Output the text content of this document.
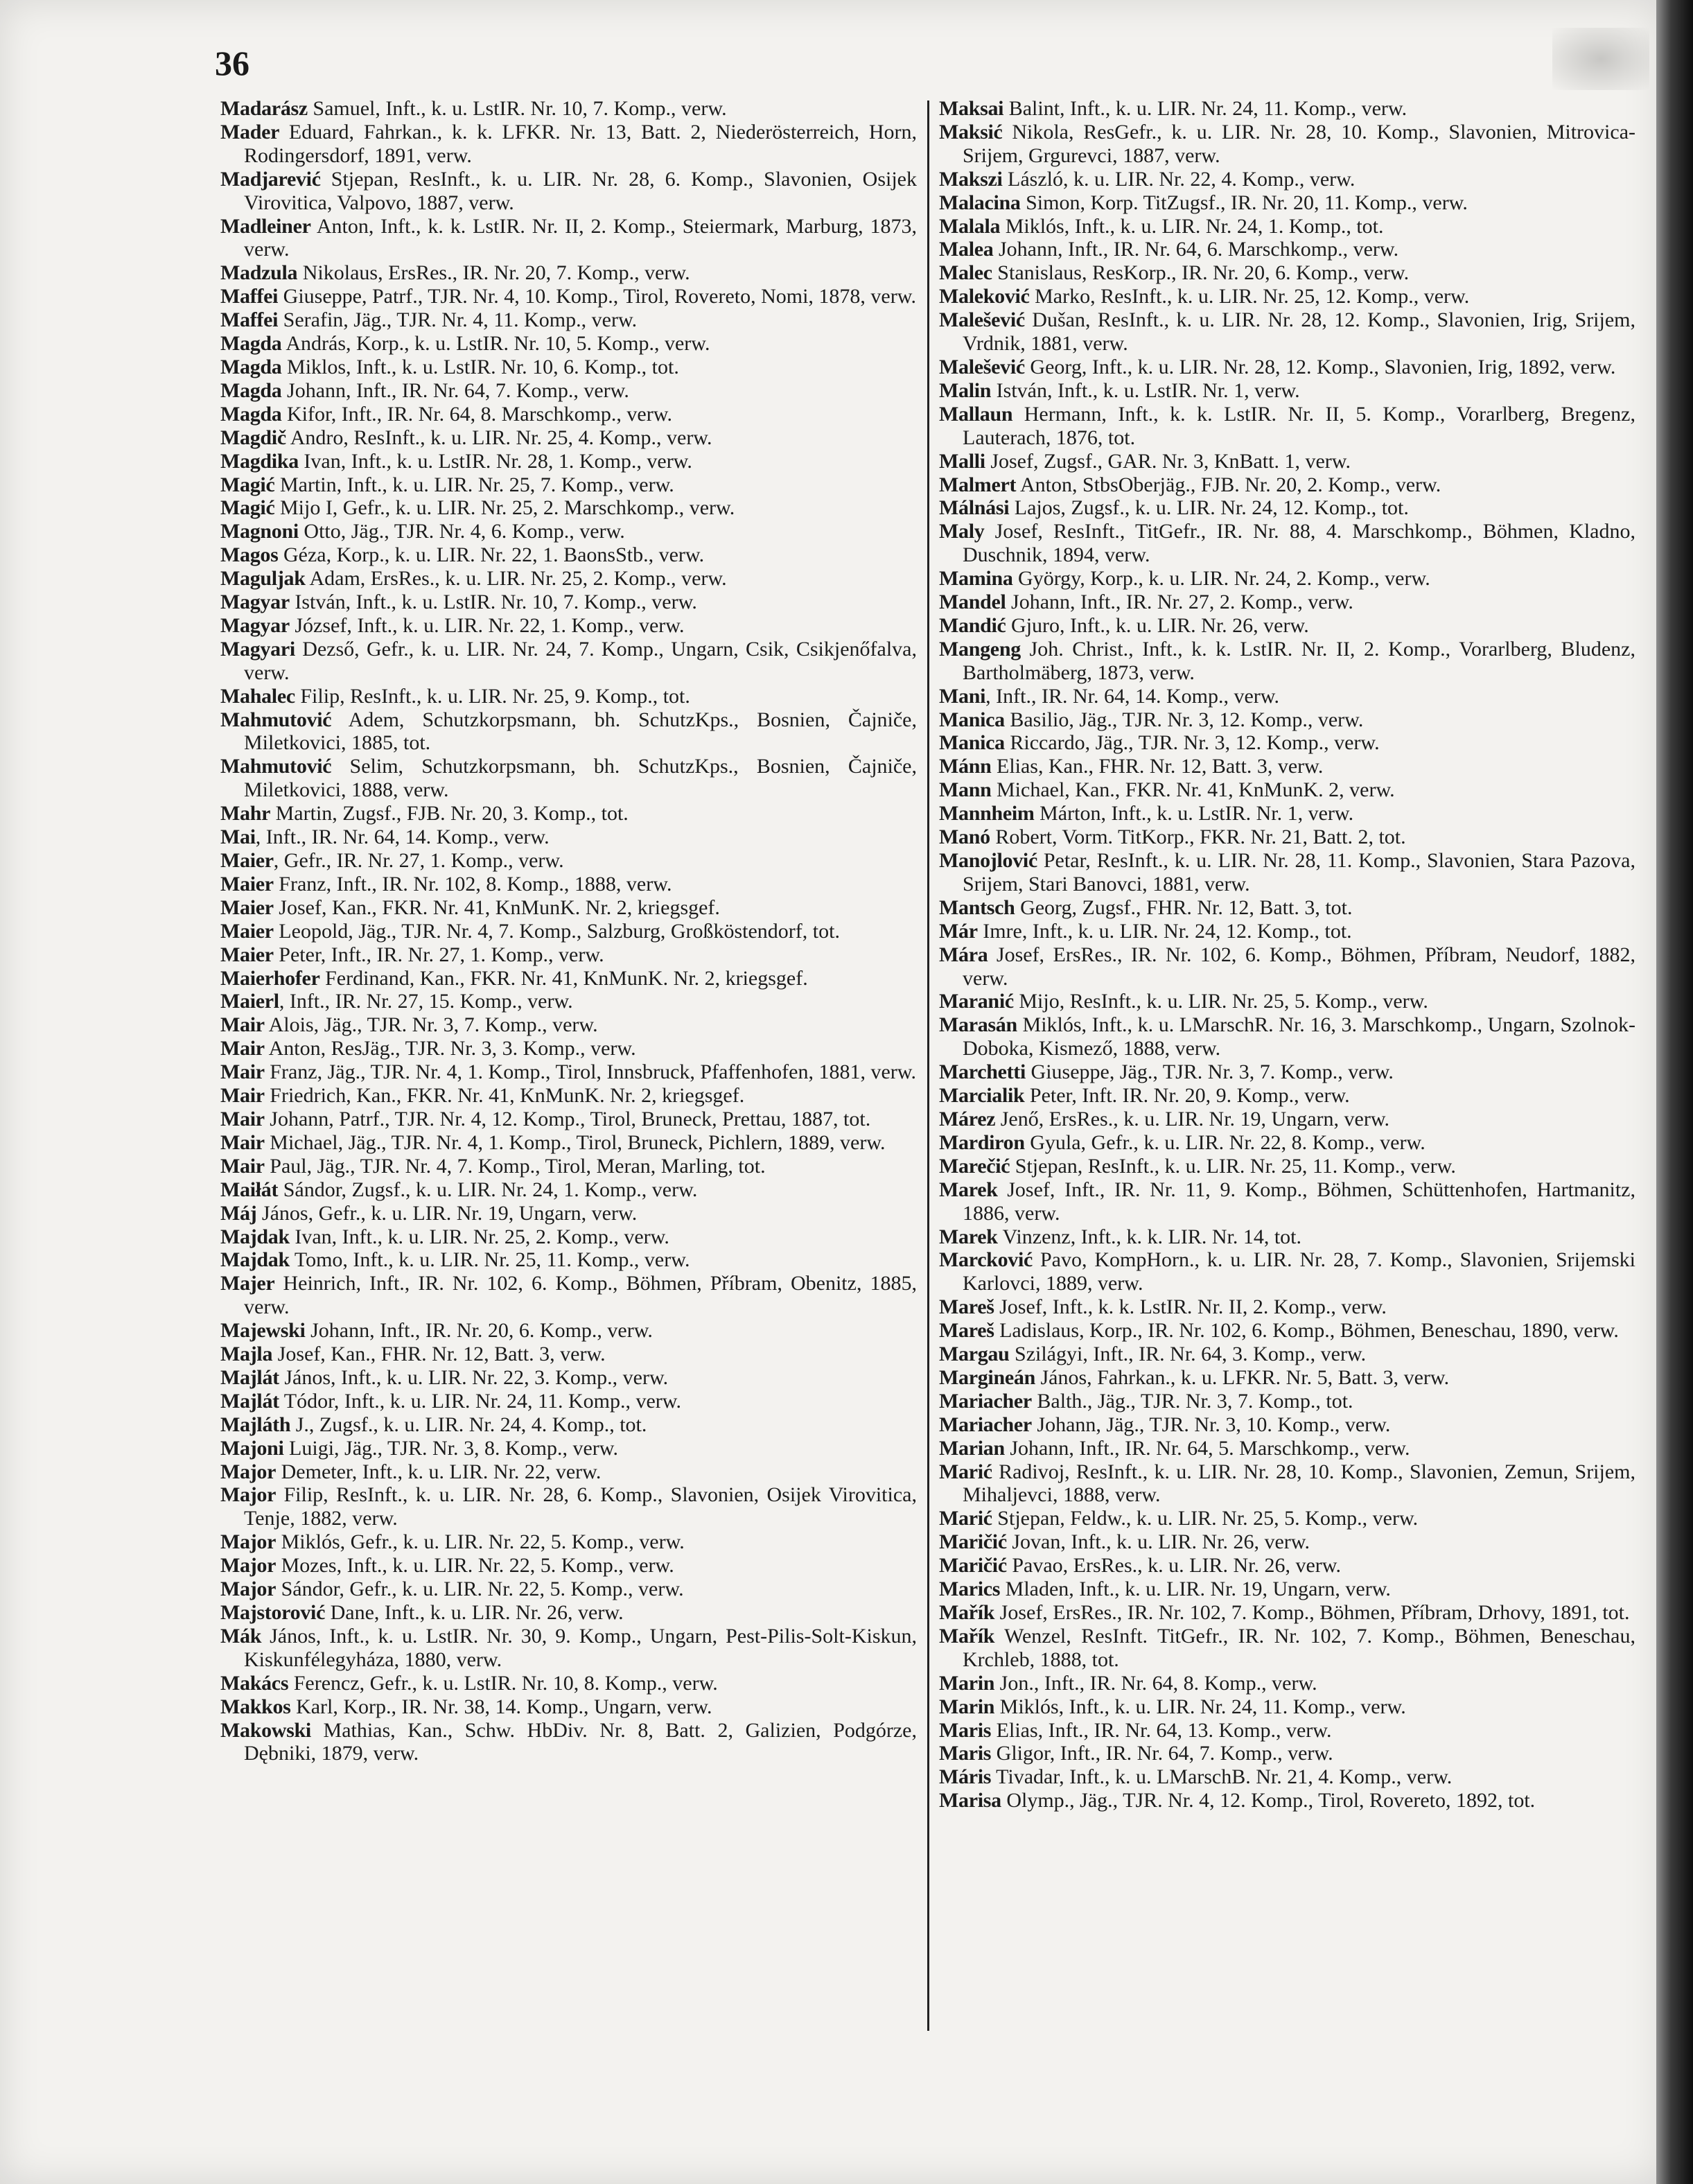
36
Madarász Samuel, Inft., k. u. LstIR. Nr. 10, 7. Komp., verw.
Mader Eduard, Fahrkan., k. k. LFKR. Nr. 13, Batt. 2, Niederösterreich, Horn, Rodingersdorf, 1891, verw.
Madjarević Stjepan, ResInft., k. u. LIR. Nr. 28, 6. Komp., Slavonien, Osijek Virovitica, Valpovo, 1887, verw.
Madleiner Anton, Inft., k. k. LstIR. Nr. II, 2. Komp., Steiermark, Marburg, 1873, verw.
Madzula Nikolaus, ErsRes., IR. Nr. 20, 7. Komp., verw.
Maffei Giuseppe, Patrf., TJR. Nr. 4, 10. Komp., Tirol, Rovereto, Nomi, 1878, verw.
Maffei Serafin, Jäg., TJR. Nr. 4, 11. Komp., verw.
Magda András, Korp., k. u. LstIR. Nr. 10, 5. Komp., verw.
Magda Miklos, Inft., k. u. LstIR. Nr. 10, 6. Komp., tot.
Magda Johann, Inft., IR. Nr. 64, 7. Komp., verw.
Magda Kifor, Inft., IR. Nr. 64, 8. Marschkomp., verw.
Magdič Andro, ResInft., k. u. LIR. Nr. 25, 4. Komp., verw.
Magdika Ivan, Inft., k. u. LstIR. Nr. 28, 1. Komp., verw.
Magić Martin, Inft., k. u. LIR. Nr. 25, 7. Komp., verw.
Magić Mijo I, Gefr., k. u. LIR. Nr. 25, 2. Marschkomp., verw.
Magnoni Otto, Jäg., TJR. Nr. 4, 6. Komp., verw.
Magos Géza, Korp., k. u. LIR. Nr. 22, 1. BaonsStb., verw.
Maguljak Adam, ErsRes., k. u. LIR. Nr. 25, 2. Komp., verw.
Magyar István, Inft., k. u. LstIR. Nr. 10, 7. Komp., verw.
Magyar József, Inft., k. u. LIR. Nr. 22, 1. Komp., verw.
Magyari Dezső, Gefr., k. u. LIR. Nr. 24, 7. Komp., Ungarn, Csik, Csikjenőfalva, verw.
Mahalec Filip, ResInft., k. u. LIR. Nr. 25, 9. Komp., tot.
Mahmutović Adem, Schutzkorpsmann, bh. SchutzKps., Bosnien, Čajniče, Miletkovici, 1885, tot.
Mahmutović Selim, Schutzkorpsmann, bh. SchutzKps., Bosnien, Čajniče, Miletkovici, 1888, verw.
Mahr Martin, Zugsf., FJB. Nr. 20, 3. Komp., tot.
Mai, Inft., IR. Nr. 64, 14. Komp., verw.
Maier, Gefr., IR. Nr. 27, 1. Komp., verw.
Maier Franz, Inft., IR. Nr. 102, 8. Komp., 1888, verw.
Maier Josef, Kan., FKR. Nr. 41, KnMunK. Nr. 2, kriegsgef.
Maier Leopold, Jäg., TJR. Nr. 4, 7. Komp., Salzburg, Großköstendorf, tot.
Maier Peter, Inft., IR. Nr. 27, 1. Komp., verw.
Maierhofer Ferdinand, Kan., FKR. Nr. 41, KnMunK. Nr. 2, kriegsgef.
Maierl, Inft., IR. Nr. 27, 15. Komp., verw.
Mair Alois, Jäg., TJR. Nr. 3, 7. Komp., verw.
Mair Anton, ResJäg., TJR. Nr. 3, 3. Komp., verw.
Mair Franz, Jäg., TJR. Nr. 4, 1. Komp., Tirol, Innsbruck, Pfaffenhofen, 1881, verw.
Mair Friedrich, Kan., FKR. Nr. 41, KnMunK. Nr. 2, kriegsgef.
Mair Johann, Patrf., TJR. Nr. 4, 12. Komp., Tirol, Bruneck, Prettau, 1887, tot.
Mair Michael, Jäg., TJR. Nr. 4, 1. Komp., Tirol, Bruneck, Pichlern, 1889, verw.
Mair Paul, Jäg., TJR. Nr. 4, 7. Komp., Tirol, Meran, Marling, tot.
Maiłát Sándor, Zugsf., k. u. LIR. Nr. 24, 1. Komp., verw.
Máj János, Gefr., k. u. LIR. Nr. 19, Ungarn, verw.
Majdak Ivan, Inft., k. u. LIR. Nr. 25, 2. Komp., verw.
Majdak Tomo, Inft., k. u. LIR. Nr. 25, 11. Komp., verw.
Majer Heinrich, Inft., IR. Nr. 102, 6. Komp., Böhmen, Příbram, Obenitz, 1885, verw.
Majewski Johann, Inft., IR. Nr. 20, 6. Komp., verw.
Majla Josef, Kan., FHR. Nr. 12, Batt. 3, verw.
Majlát János, Inft., k. u. LIR. Nr. 22, 3. Komp., verw.
Majlát Tódor, Inft., k. u. LIR. Nr. 24, 11. Komp., verw.
Majláth J., Zugsf., k. u. LIR. Nr. 24, 4. Komp., tot.
Majoni Luigi, Jäg., TJR. Nr. 3, 8. Komp., verw.
Major Demeter, Inft., k. u. LIR. Nr. 22, verw.
Major Filip, ResInft., k. u. LIR. Nr. 28, 6. Komp., Slavonien, Osijek Virovitica, Tenje, 1882, verw.
Major Miklós, Gefr., k. u. LIR. Nr. 22, 5. Komp., verw.
Major Mozes, Inft., k. u. LIR. Nr. 22, 5. Komp., verw.
Major Sándor, Gefr., k. u. LIR. Nr. 22, 5. Komp., verw.
Majstorović Dane, Inft., k. u. LIR. Nr. 26, verw.
Mák János, Inft., k. u. LstIR. Nr. 30, 9. Komp., Ungarn, Pest-Pilis-Solt-Kiskun, Kiskunfélegyháza, 1880, verw.
Makács Ferencz, Gefr., k. u. LstIR. Nr. 10, 8. Komp., verw.
Makkos Karl, Korp., IR. Nr. 38, 14. Komp., Ungarn, verw.
Makowski Mathias, Kan., Schw. HbDiv. Nr. 8, Batt. 2, Galizien, Podgórze, Dębniki, 1879, verw.
Maksai Balint, Inft., k. u. LIR. Nr. 24, 11. Komp., verw.
Maksić Nikola, ResGefr., k. u. LIR. Nr. 28, 10. Komp., Slavonien, Mitrovica-Srijem, Grgurevci, 1887, verw.
Makszi László, k. u. LIR. Nr. 22, 4. Komp., verw.
Malacina Simon, Korp. TitZugsf., IR. Nr. 20, 11. Komp., verw.
Malala Miklós, Inft., k. u. LIR. Nr. 24, 1. Komp., tot.
Malea Johann, Inft., IR. Nr. 64, 6. Marschkomp., verw.
Malec Stanislaus, ResKorp., IR. Nr. 20, 6. Komp., verw.
Maleković Marko, ResInft., k. u. LIR. Nr. 25, 12. Komp., verw.
Malešević Dušan, ResInft., k. u. LIR. Nr. 28, 12. Komp., Slavonien, Irig, Srijem, Vrdnik, 1881, verw.
Malešević Georg, Inft., k. u. LIR. Nr. 28, 12. Komp., Slavonien, Irig, 1892, verw.
Malin István, Inft., k. u. LstIR. Nr. 1, verw.
Mallaun Hermann, Inft., k. k. LstIR. Nr. II, 5. Komp., Vorarlberg, Bregenz, Lauterach, 1876, tot.
Malli Josef, Zugsf., GAR. Nr. 3, KnBatt. 1, verw.
Malmert Anton, StbsOberjäg., FJB. Nr. 20, 2. Komp., verw.
Málnási Lajos, Zugsf., k. u. LIR. Nr. 24, 12. Komp., tot.
Maly Josef, ResInft., TitGefr., IR. Nr. 88, 4. Marschkomp., Böhmen, Kladno, Duschnik, 1894, verw.
Mamina György, Korp., k. u. LIR. Nr. 24, 2. Komp., verw.
Mandel Johann, Inft., IR. Nr. 27, 2. Komp., verw.
Mandić Gjuro, Inft., k. u. LIR. Nr. 26, verw.
Mangeng Joh. Christ., Inft., k. k. LstIR. Nr. II, 2. Komp., Vorarlberg, Bludenz, Bartholmäberg, 1873, verw.
Mani, Inft., IR. Nr. 64, 14. Komp., verw.
Manica Basilio, Jäg., TJR. Nr. 3, 12. Komp., verw.
Manica Riccardo, Jäg., TJR. Nr. 3, 12. Komp., verw.
Mánn Elias, Kan., FHR. Nr. 12, Batt. 3, verw.
Mann Michael, Kan., FKR. Nr. 41, KnMunK. 2, verw.
Mannheim Márton, Inft., k. u. LstIR. Nr. 1, verw.
Manó Robert, Vorm. TitKorp., FKR. Nr. 21, Batt. 2, tot.
Manojlović Petar, ResInft., k. u. LIR. Nr. 28, 11. Komp., Slavonien, Stara Pazova, Srijem, Stari Banovci, 1881, verw.
Mantsch Georg, Zugsf., FHR. Nr. 12, Batt. 3, tot.
Már Imre, Inft., k. u. LIR. Nr. 24, 12. Komp., tot.
Mára Josef, ErsRes., IR. Nr. 102, 6. Komp., Böhmen, Příbram, Neudorf, 1882, verw.
Maranić Mijo, ResInft., k. u. LIR. Nr. 25, 5. Komp., verw.
Marasán Miklós, Inft., k. u. LMarschR. Nr. 16, 3. Marschkomp., Ungarn, Szolnok-Doboka, Kismező, 1888, verw.
Marchetti Giuseppe, Jäg., TJR. Nr. 3, 7. Komp., verw.
Marcialik Peter, Inft. IR. Nr. 20, 9. Komp., verw.
Márez Jenő, ErsRes., k. u. LIR. Nr. 19, Ungarn, verw.
Mardiron Gyula, Gefr., k. u. LIR. Nr. 22, 8. Komp., verw.
Marečić Stjepan, ResInft., k. u. LIR. Nr. 25, 11. Komp., verw.
Marek Josef, Inft., IR. Nr. 11, 9. Komp., Böhmen, Schüttenhofen, Hartmanitz, 1886, verw.
Marek Vinzenz, Inft., k. k. LIR. Nr. 14, tot.
Marcković Pavo, KompHorn., k. u. LIR. Nr. 28, 7. Komp., Slavonien, Srijemski Karlovci, 1889, verw.
Mareš Josef, Inft., k. k. LstIR. Nr. II, 2. Komp., verw.
Mareš Ladislaus, Korp., IR. Nr. 102, 6. Komp., Böhmen, Beneschau, 1890, verw.
Margau Szilágyi, Inft., IR. Nr. 64, 3. Komp., verw.
Margineán János, Fahrkan., k. u. LFKR. Nr. 5, Batt. 3, verw.
Mariacher Balth., Jäg., TJR. Nr. 3, 7. Komp., tot.
Mariacher Johann, Jäg., TJR. Nr. 3, 10. Komp., verw.
Marian Johann, Inft., IR. Nr. 64, 5. Marschkomp., verw.
Marić Radivoj, ResInft., k. u. LIR. Nr. 28, 10. Komp., Slavonien, Zemun, Srijem, Mihaljevci, 1888, verw.
Marić Stjepan, Feldw., k. u. LIR. Nr. 25, 5. Komp., verw.
Maričić Jovan, Inft., k. u. LIR. Nr. 26, verw.
Maričić Pavao, ErsRes., k. u. LIR. Nr. 26, verw.
Marics Mladen, Inft., k. u. LIR. Nr. 19, Ungarn, verw.
Mařík Josef, ErsRes., IR. Nr. 102, 7. Komp., Böhmen, Příbram, Drhovy, 1891, tot.
Mařík Wenzel, ResInft. TitGefr., IR. Nr. 102, 7. Komp., Böhmen, Beneschau, Krchleb, 1888, tot.
Marin Jon., Inft., IR. Nr. 64, 8. Komp., verw.
Marin Miklós, Inft., k. u. LIR. Nr. 24, 11. Komp., verw.
Maris Elias, Inft., IR. Nr. 64, 13. Komp., verw.
Maris Gligor, Inft., IR. Nr. 64, 7. Komp., verw.
Máris Tivadar, Inft., k. u. LMarschB. Nr. 21, 4. Komp., verw.
Marisa Olymp., Jäg., TJR. Nr. 4, 12. Komp., Tirol, Rovereto, 1892, tot.
